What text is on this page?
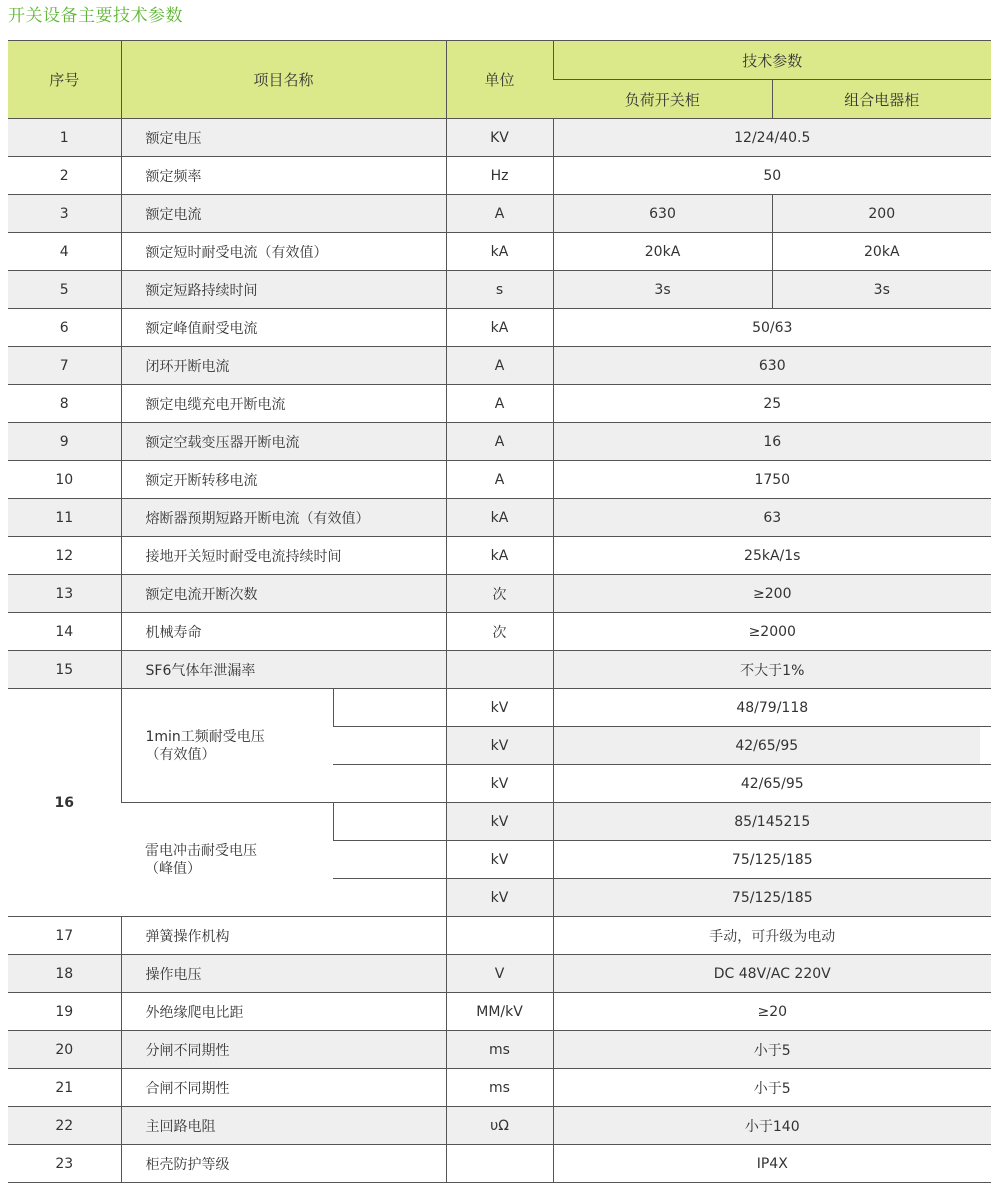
开关设备主要技术参数
序号	项目名称		单位	技术参数		
				负荷开关柜	组合电器柜	
1	额定电压		KV	12/24/40.5		
2	额定频率		Hz	50		
3	额定电流		A	630	200	
4	额定短时耐受电流（有效值）		kA	20kA	20kA	
5	额定短路持续时间		s	3s	3s	
6	额定峰值耐受电流		kA	50/63		
7	闭环开断电流		A	630		
8	额定电缆充电开断电流		A	25		
9	额定空载变压器开断电流		A	16		
10	额定开断转移电流		A	1750		
11	熔断器预期短路开断电流（有效值）		kA	63		
12	接地开关短时耐受电流持续时间		kA	25kA/1s		
13	额定电流开断次数		次	≥200		
14	机械寿命		次	≥2000		
15	SF6气体年泄漏率			不大于1%		
16	1min工频耐受电压
（有效值）		kV	48/79/118		
			kV	42/65/95		
			kV	42/65/95		

	雷电冲击耐受电压
（峰值）		kV	85/145215		
			kV	75/125/185		
			kV	75/125/185		
17	弹簧操作机构			手动，可升级为电动		
18	操作电压		V	DC 48V/AC 220V		
19	外绝缘爬电比距		MM/kV	≥20		
20	分闸不同期性		ms	小于5		
21	合闸不同期性		ms	小于5		
22	主回路电阻		υΩ	小于140		
23	柜壳防护等级			IP4X		
